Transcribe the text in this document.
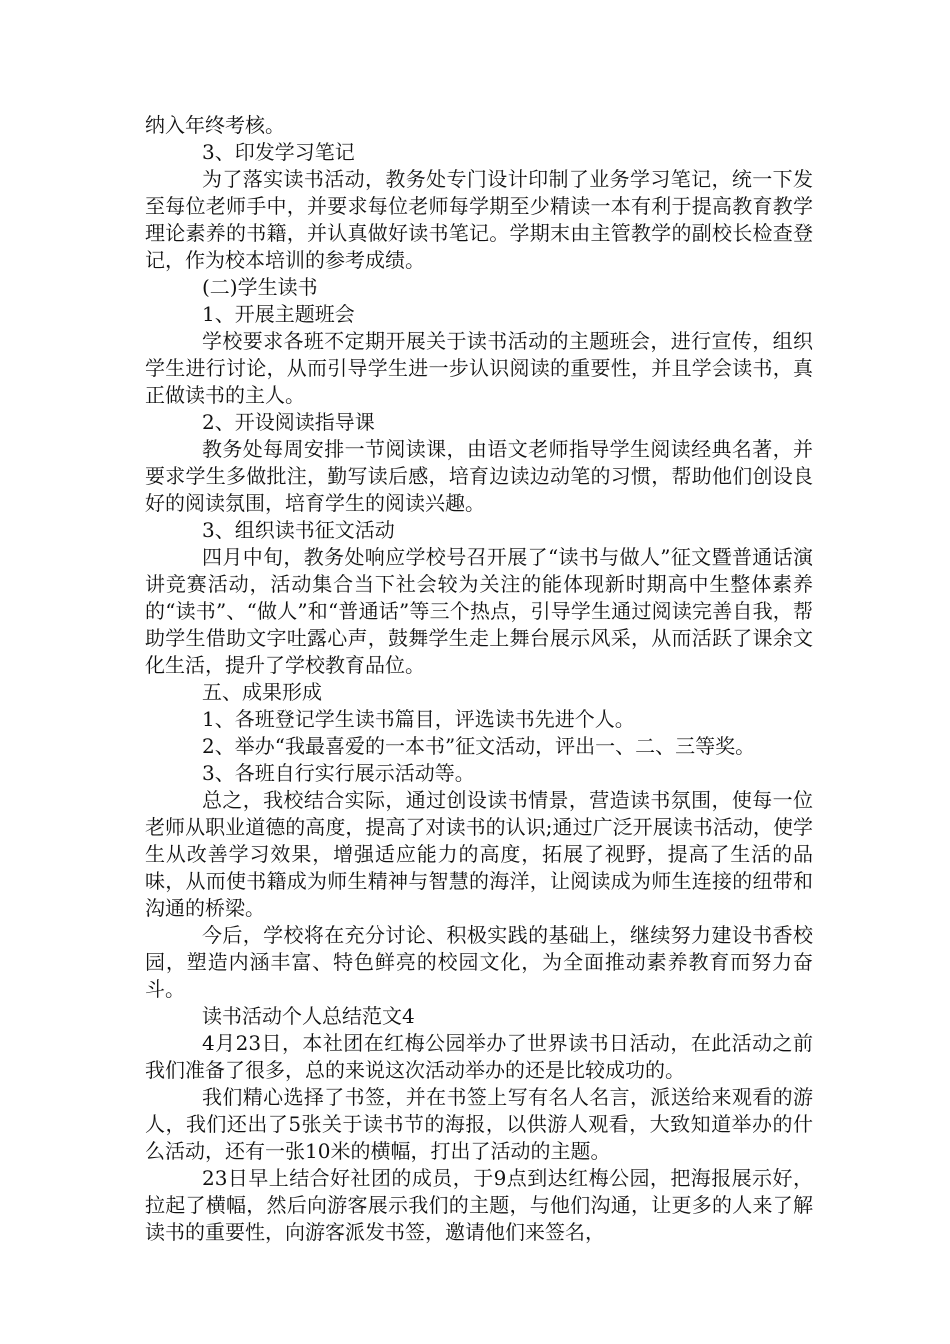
纳入年终考核。

3、印发学习笔记

为了落实读书活动，教务处专门设计印制了业务学习笔记，统一下发至每位老师手中，并要求每位老师每学期至少精读一本有利于提高教育教学理论素养的书籍，并认真做好读书笔记。学期末由主管教学的副校长检查登记，作为校本培训的参考成绩。

(二)学生读书

1、开展主题班会

学校要求各班不定期开展关于读书活动的主题班会，进行宣传，组织学生进行讨论，从而引导学生进一步认识阅读的重要性，并且学会读书，真正做读书的主人。

2、开设阅读指导课

教务处每周安排一节阅读课，由语文老师指导学生阅读经典名著，并要求学生多做批注，勤写读后感，培育边读边动笔的习惯，帮助他们创设良好的阅读氛围，培育学生的阅读兴趣。

3、组织读书征文活动

四月中旬，教务处响应学校号召开展了“读书与做人”征文暨普通话演讲竞赛活动，活动集合当下社会较为关注的能体现新时期高中生整体素养的“读书”、“做人”和“普通话”等三个热点，引导学生通过阅读完善自我，帮助学生借助文字吐露心声，鼓舞学生走上舞台展示风采，从而活跃了课余文化生活，提升了学校教育品位。

五、成果形成

1、各班登记学生读书篇目，评选读书先进个人。

2、举办“我最喜爱的一本书”征文活动，评出一、二、三等奖。

3、各班自行实行展示活动等。

总之，我校结合实际，通过创设读书情景，营造读书氛围，使每一位老师从职业道德的高度，提高了对读书的认识;通过广泛开展读书活动，使学生从改善学习效果，增强适应能力的高度，拓展了视野，提高了生活的品味，从而使书籍成为师生精神与智慧的海洋，让阅读成为师生连接的纽带和沟通的桥梁。

今后，学校将在充分讨论、积极实践的基础上，继续努力建设书香校园，塑造内涵丰富、特色鲜亮的校园文化，为全面推动素养教育而努力奋斗。

读书活动个人总结范文4

4月23日，本社团在红梅公园举办了世界读书日活动，在此活动之前我们准备了很多，总的来说这次活动举办的还是比较成功的。

我们精心选择了书签，并在书签上写有名人名言，派送给来观看的游人，我们还出了5张关于读书节的海报，以供游人观看，大致知道举办的什么活动，还有一张10米的横幅，打出了活动的主题。

23日早上结合好社团的成员，于9点到达红梅公园，把海报展示好，拉起了横幅，然后向游客展示我们的主题，与他们沟通，让更多的人来了解读书的重要性，向游客派发书签，邀请他们来签名，
